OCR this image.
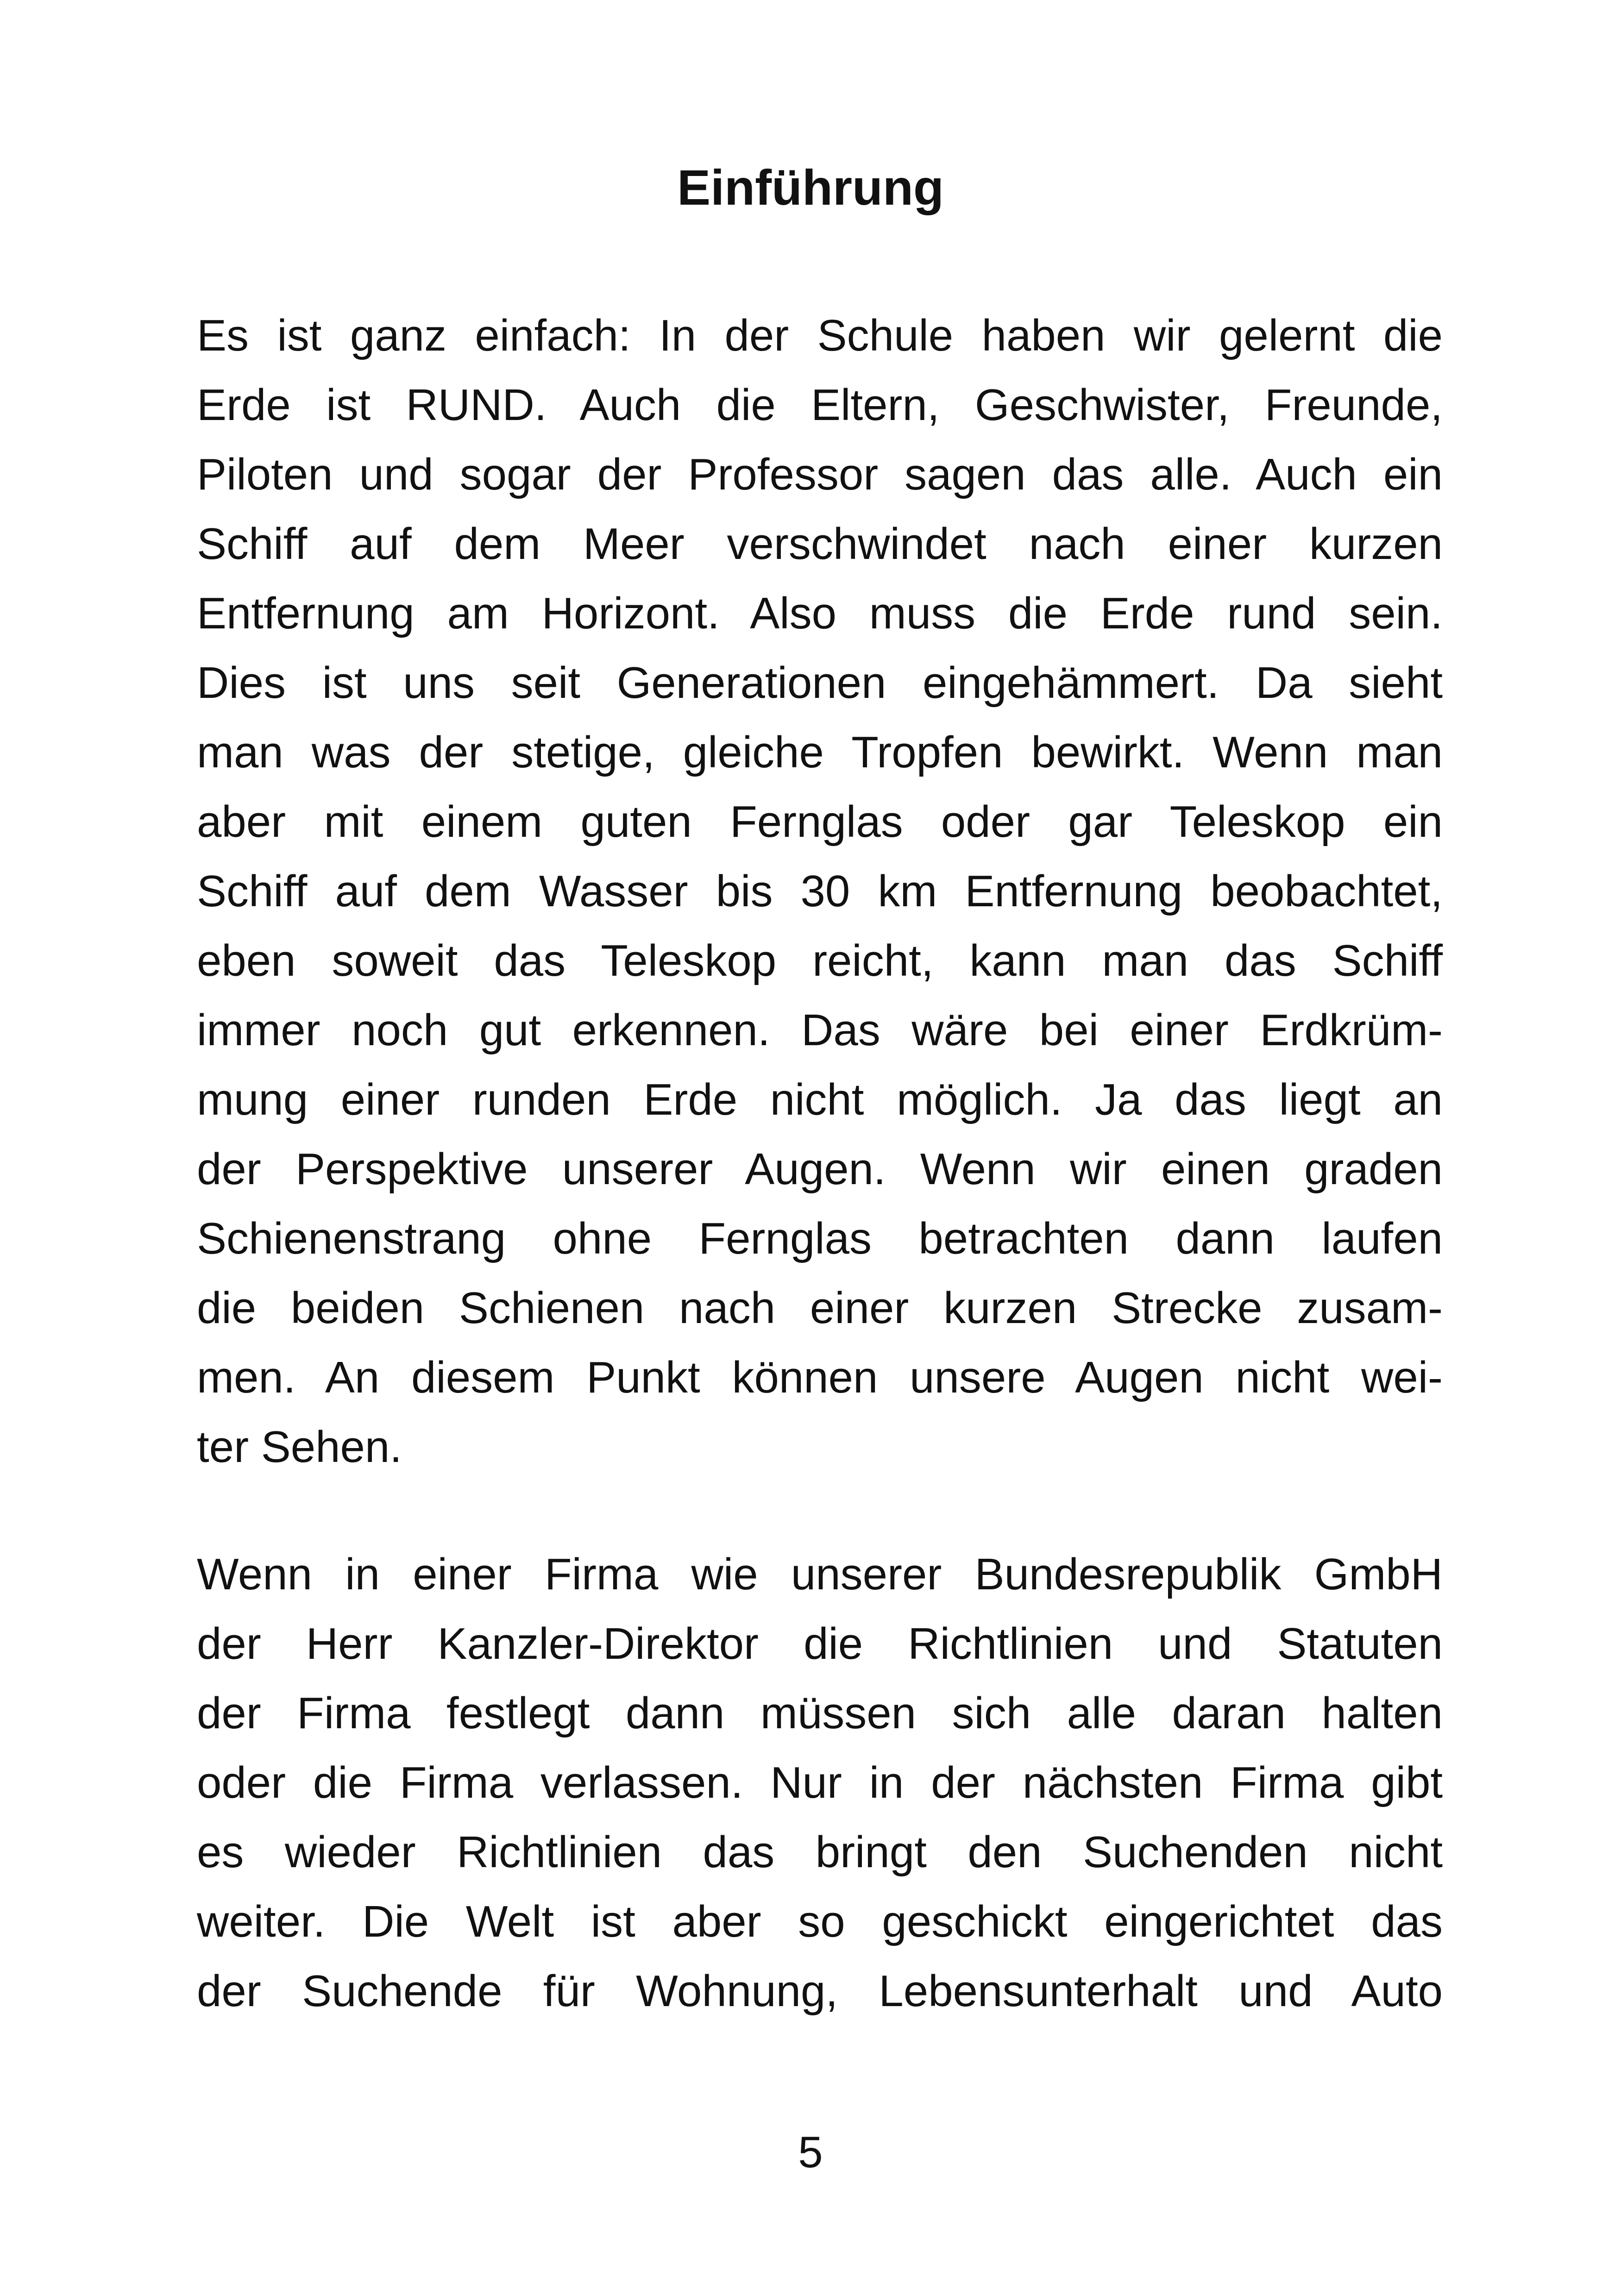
Einführung
Es ist ganz einfach: In der Schule haben wir gelernt die
Erde ist RUND. Auch die Eltern, Geschwister, Freunde,
Piloten und sogar der Professor sagen das alle. Auch ein
Schiff auf dem Meer verschwindet nach einer kurzen
Entfernung am Horizont. Also muss die Erde rund sein.
Dies ist uns seit Generationen eingehämmert. Da sieht
man was der stetige, gleiche Tropfen bewirkt. Wenn man
aber mit einem guten Fernglas oder gar Teleskop ein
Schiff auf dem Wasser bis 30 km Entfernung beobachtet,
eben soweit das Teleskop reicht, kann man das Schiff
immer noch gut erkennen. Das wäre bei einer Erdkrüm-
mung einer runden Erde nicht möglich. Ja das liegt an
der Perspektive unserer Augen. Wenn wir einen graden
Schienenstrang ohne Fernglas betrachten dann laufen
die beiden Schienen nach einer kurzen Strecke zusam-
men. An diesem Punkt können unsere Augen nicht wei-
ter Sehen.
Wenn in einer Firma wie unserer Bundesrepublik GmbH
der Herr Kanzler-Direktor die Richtlinien und Statuten
der Firma festlegt dann müssen sich alle daran halten
oder die Firma verlassen. Nur in der nächsten Firma gibt
es wieder Richtlinien das bringt den Suchenden nicht
weiter. Die Welt ist aber so geschickt eingerichtet das
der Suchende für Wohnung, Lebensunterhalt und Auto
5
